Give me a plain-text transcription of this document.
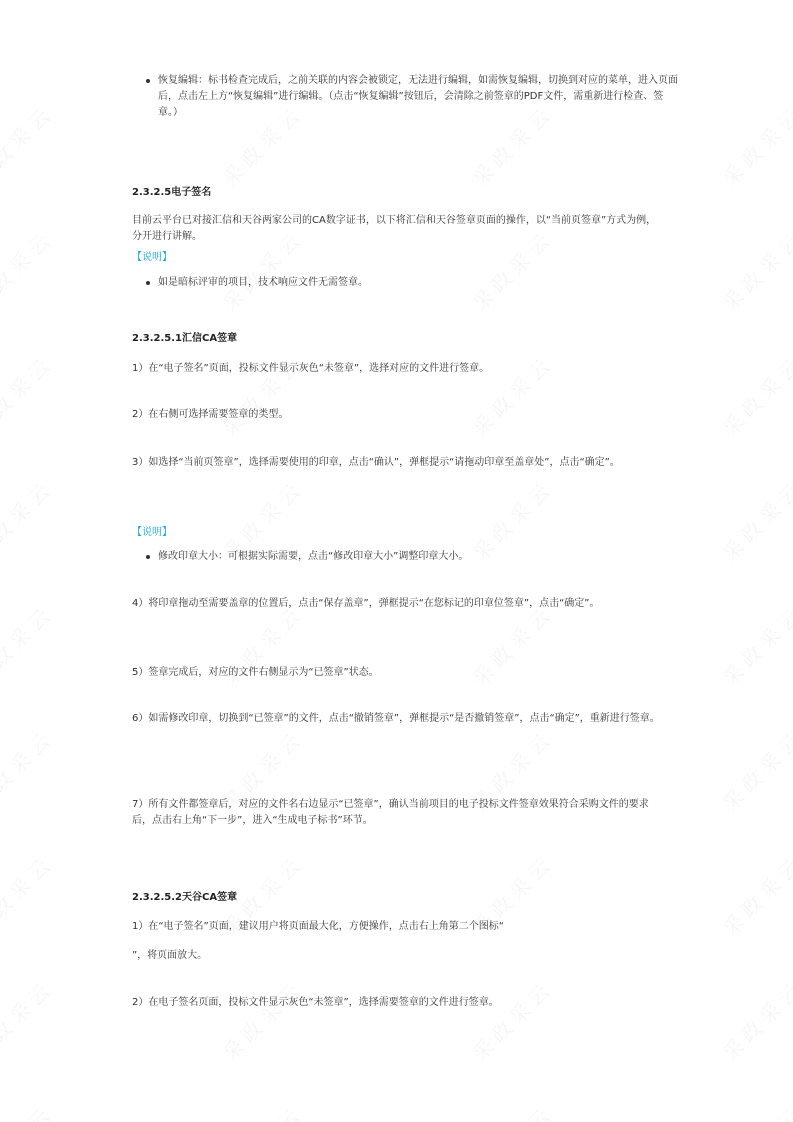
恢复编辑：标书检查完成后，之前关联的内容会被锁定，无法进行编辑，如需恢复编辑，切换到对应的菜单，进入页面后，点击左上方“恢复编辑”进行编辑。（点击“恢复编辑”按钮后，会清除之前签章的PDF文件，需重新进行检查、签章。）
2.3.2.5电子签名
目前云平台已对接汇信和天谷两家公司的CA数字证书，以下将汇信和天谷签章页面的操作，以“当前页签章”方式为例，分开进行讲解。
【说明】
如是暗标评审的项目，技术响应文件无需签章。
2.3.2.5.1汇信CA签章
1）在“电子签名”页面，投标文件显示灰色“未签章”，选择对应的文件进行签章。
2）在右侧可选择需要签章的类型。
3）如选择“当前页签章”，选择需要使用的印章，点击“确认”，弹框提示“请拖动印章至盖章处”，点击“确定”。
【说明】
修改印章大小：可根据实际需要，点击“修改印章大小”调整印章大小。
4）将印章拖动至需要盖章的位置后，点击“保存盖章”，弹框提示“在您标记的印章位签章”，点击“确定”。
5）签章完成后，对应的文件右侧显示为“已签章”状态。
6）如需修改印章，切换到“已签章”的文件，点击“撤销签章”，弹框提示“是否撤销签章”，点击“确定”，重新进行签章。
7）所有文件都签章后，对应的文件名右边显示“已签章”，确认当前项目的电子投标文件签章效果符合采购文件的要求后，点击右上角“下一步”，进入“生成电子标书”环节。
2.3.2.5.2天谷CA签章
1）在“电子签名”页面，建议用户将页面最大化，方便操作，点击右上角第二个图标“
”，将页面放大。
2）在电子签名页面，投标文件显示灰色“未签章”，选择需要签章的文件进行签章。
